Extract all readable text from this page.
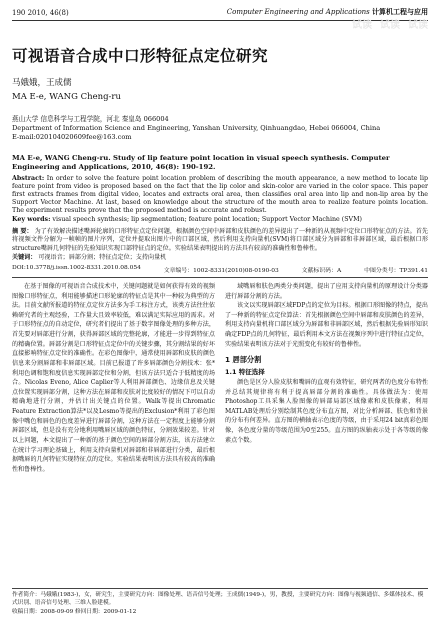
190 2010, 46(8)	Computer Engineering and Applications 计算机工程与应用
试读 试读 试读
可视语音合成中口形特征点定位研究
马娥娥，王成儒
MA E-e, WANG Cheng-ru
燕山大学 信息科学与工程学院，河北 秦皇岛 066004
Department of Information Science and Engineering, Yanshan University, Qinhuangdao, Hebei 066004, China
E-mail:020104020609fee@163.com
MA E-e, WANG Cheng-ru. Study of lip feature point location in visual speech synthesis. Computer Engineering and Applications, 2010, 46(8): 190-192.
Abstract: In order to solve the feature point location problem of describing the mouth appearance, a new method to locate lip feature point from video is proposed based on the fact that the lip color and skin-color are varied in the color space. This paper first extracts frames from digital video, locates and extracts oral area, then classifies oral area into lip and non-lip area by the Support Vector Machine. At last, based on knowledge about the structure of the mouth area to realize feature points location. The experiment results prove that the proposed method is accurate and robust.
Key words: visual speech synthesis; lip segmentation; feature point location; Support Vector Machine (SVM)
摘 要： 为了有效解决描述嘴唇轮廓的口形特征点定位问题，根据颜色空间中唇部和皮肤颜色的差异提出了一种新的从视频中定位口形特征点的方法。首先将视频文件分解为一帧帧的图片序列，定位并提取出图片中的口部区域，然后利用支持向量机(SVM)将口部区域分为唇部和非唇部区域，最后根据口形structure嘴唇几何特征的先验知识实现口部特征点的定位。实验结果表明提出的方法具有较高的准确性和鲁棒性。
关键词： 可视语音；唇部分割；特征点定位；支持向量机
DOI:10.3778/j.issn.1002-8331.2010.08.054	文章编号：1002-8331(2010)08-0190-03	文献标识码：A	中图分类号：TP391.41

在基于图像的可视语音合成技术中，关键问题就是如何获得有效的视频图像口形特征点，利用能够描述口形轮廓的特征点是其中一种较为典型的方法。目前文献所报道的特征点定位方法多为手工标注方式，该类方法往往依赖研究者的主观经验，工作量大且效率较低，难以满足实际应用的需求。对于口形特征点的自动定位，研究者们提出了基于数字图像处理的多种方法，首先要对唇部进行分割，获得唇部区域的完整轮廓，才能进一步得到特征点的精确位置。唇部分割是口形特征点定位中的关键步骤，其分割结果的好坏直接影响特征点定位的准确性。在彩色图像中，通常使用唇部和皮肤的颜色信息来分割唇部和非唇部区域。目前已报道了许多唇部颜色分割技术：张*利用色调和饱和度信息实现唇部定位和分割，但该方法只适合于低精度的场合。Nicolas Eveno, Alice Caplier等人利用唇部颜色、边缘信息及关键点位置实现唇部分割，这种方法在唇部和皮肤对比度较好的情况下可以自动精确地进行分割，并估计出关键点的位置。Walk等提出Chromatic Feature Extraction算法*以及Lesmo等提出的Exclusion*利用了彩色图像中嘴色和唇色的色度差异进行唇部分割，这种方法在一定程度上能够分割唇部区域，但是没有充分地利用嘴唇区域的颜色特征，分割效果较差。针对以上问题，本文提出了一种新的基于颜色空间的唇部分割方法，该方法建立在统计学习理论基础上，利用支持向量机对唇部和非唇部进行分类，最后根据嘴唇的几何特征实现特征点的定位。实验结果表明该方法具有较高的准确性和鲁棒性。

域嘴唇和肤色两类分类问题，提出了应用支持向量机的原理设计分类器进行唇部分割的方法。

该文以实现唇部区域FDP点的定位为目标。根据口形图像的特点，提出了一种新的特征点定位算法：首先根据颜色空间中唇部和皮肤颜色的差异，利用支持向量机将口部区域分为唇部和非唇部区域，然后根据先验唇形知识确定FDP点的几何特征，最后利用本文方法在视频序列中进行特征点定位，实验结果表明该方法对于光照变化有较好的鲁棒性。

1 唇部分割
1.1 特征选择

颜色是区分人脸皮肤和嘴唇的直观有效特征，研究两者的色度分布特性并总结其规律将有利于提高唇部分割的准确性。具体做法为：使用Photoshop工具采集人脸图像的唇部局部区域像素和皮肤像素，利用MATLAB处理后分别绘制其色度分布直方图，对比分析唇部、肤色和背景的分布有何差异。直方图的横轴表示色度的等级，由于采用24 bit真彩色图像，各色度分量的等级范围为0至255。直方图的纵轴表示处于各等级的像素点个数。

作者简介：马娥娥(1983-)，女，研究生，主要研究方向：图像处理、语音信号处理；王成儒(1949-)，男，教授，主要研究方向：图像与视频通信、多媒体技术、模式识别、语音信号处理、三维人脸建模。
收稿日期：2008-09-09 修回日期：2009-01-12
